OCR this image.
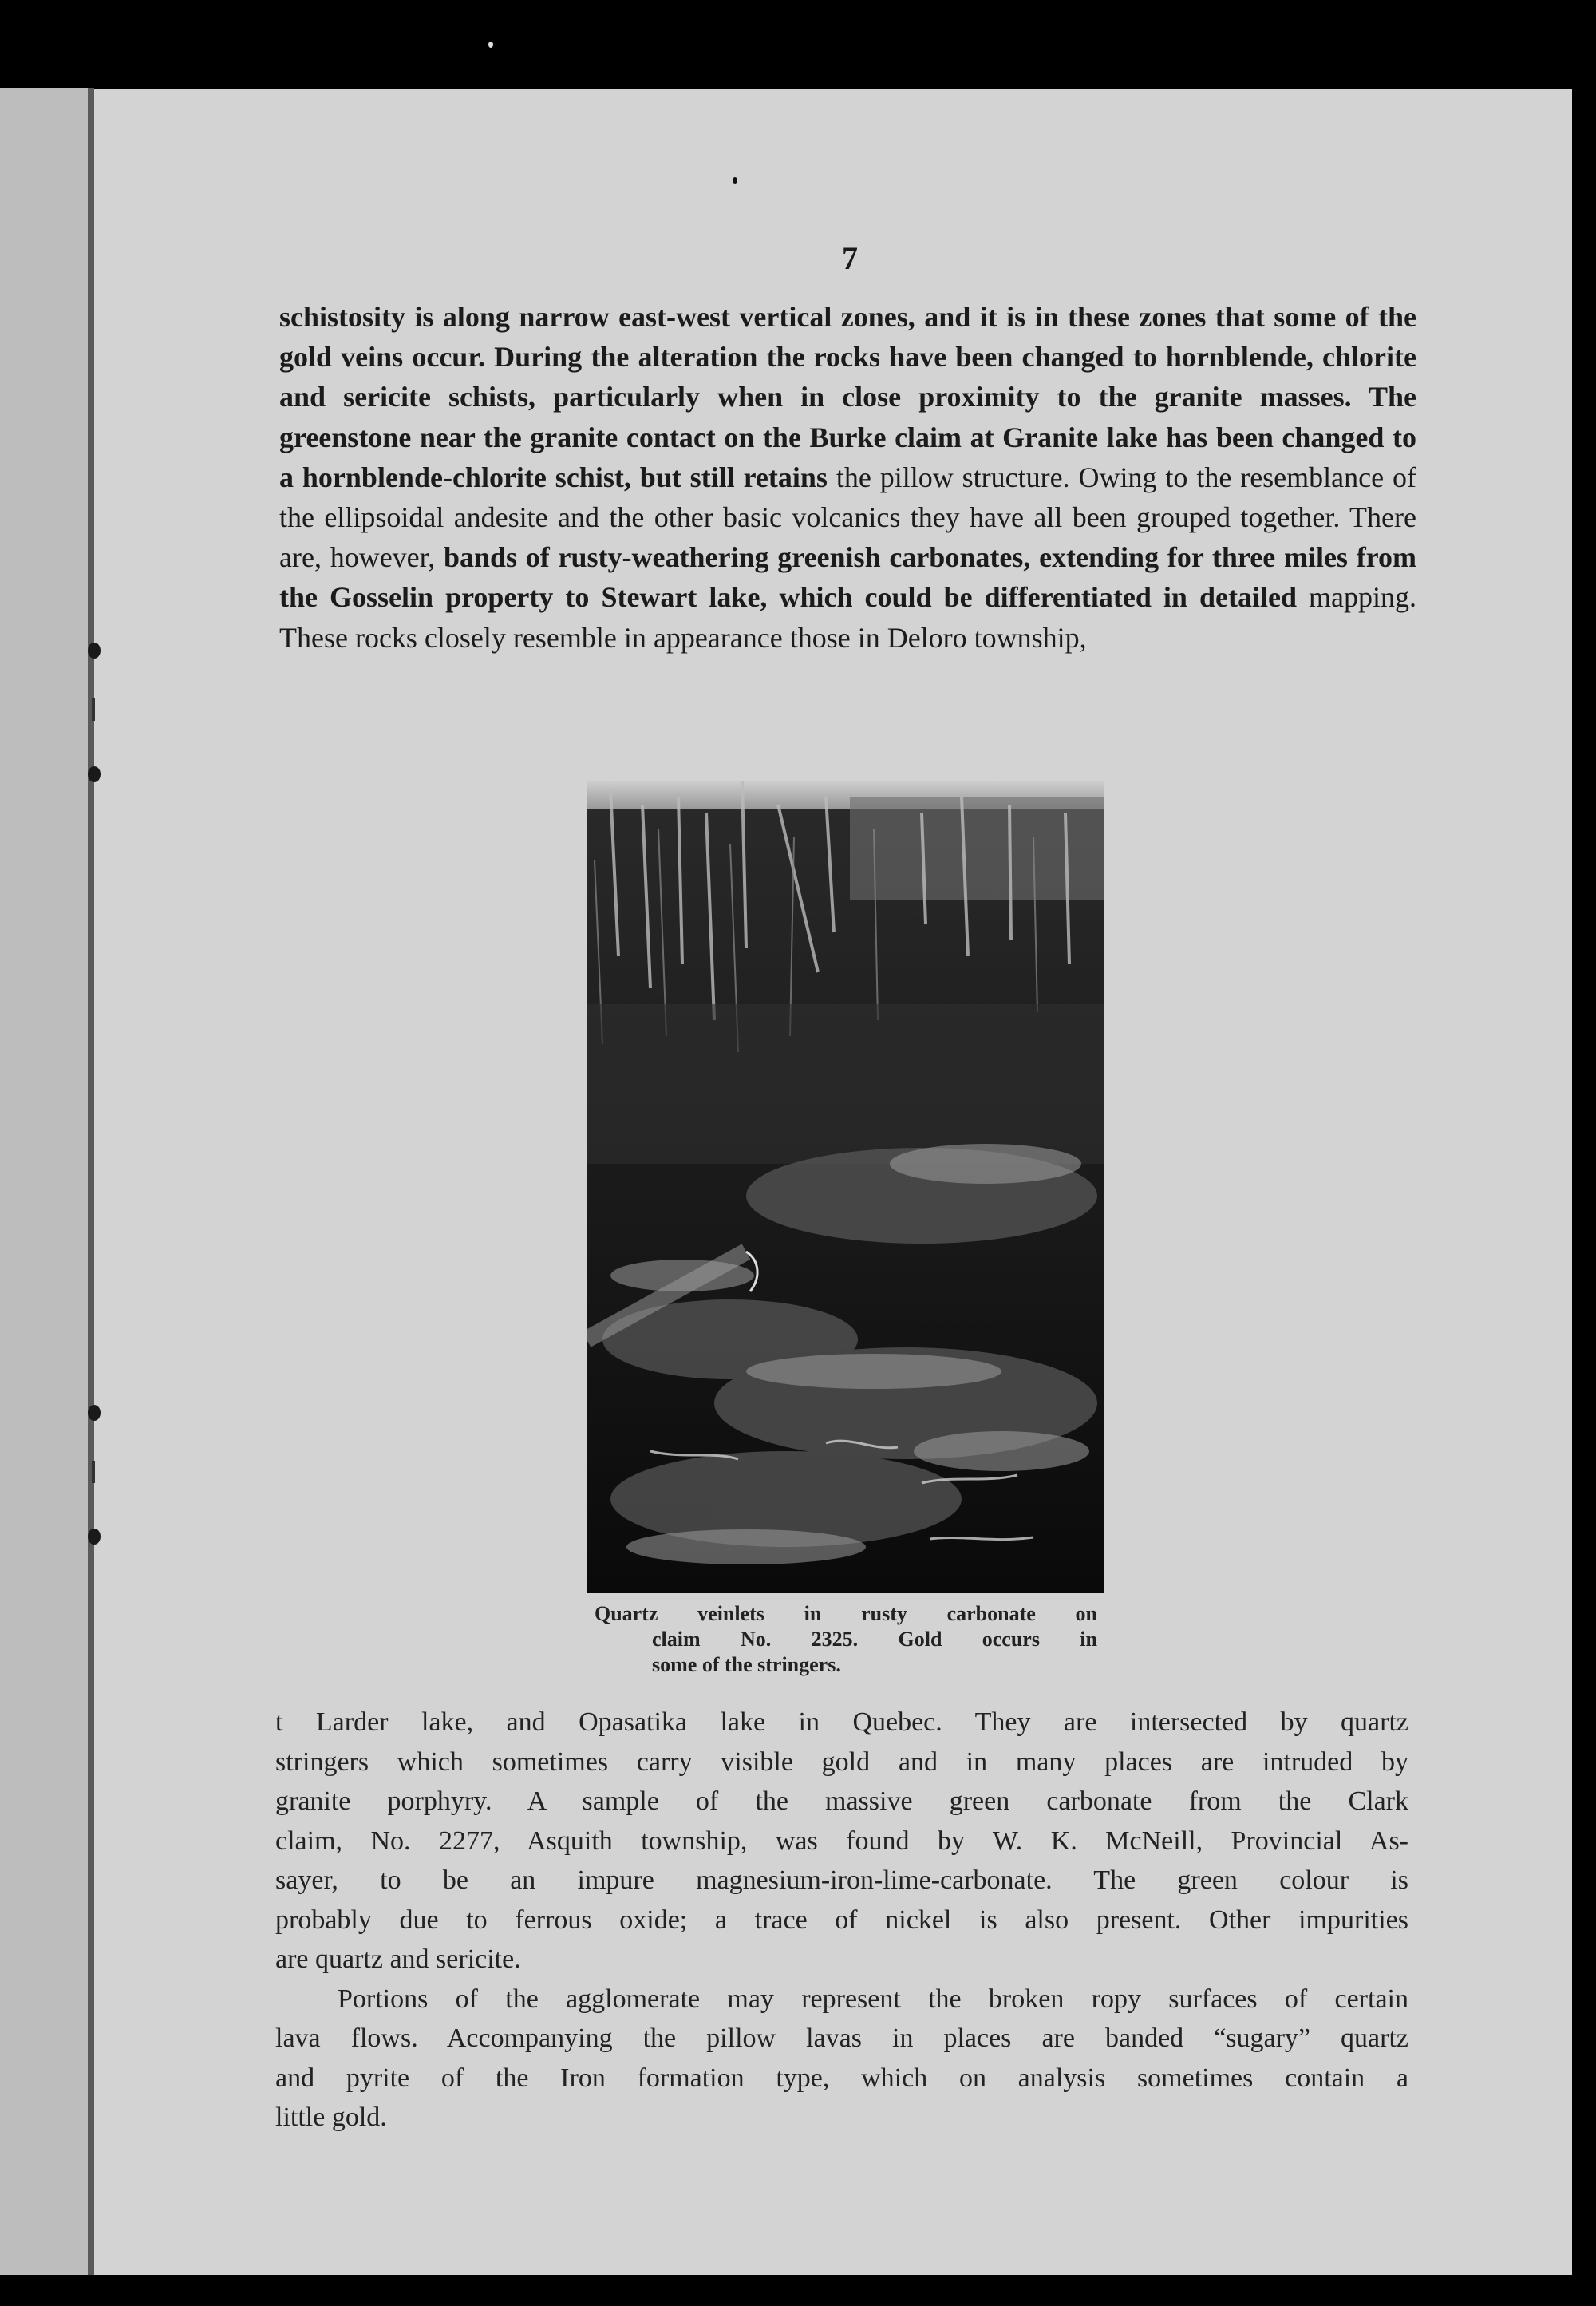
7
schistosity is along narrow east-west vertical zones, and it is in these zones that some of the gold veins occur. During the alteration the rocks have been changed to hornblende, chlorite and sericite schists, particularly when in close proximity to the granite masses. The greenstone near the granite contact on the Burke claim at Granite lake has been changed to a hornblende-chlorite schist, but still retains the pillow structure. Owing to the resemblance of the ellipsoidal andesite and the other basic volcanics they have all been grouped together. There are, however, bands of rusty-weathering greenish carbonates, extending for three miles from the Gosselin property to Stewart lake, which could be differentiated in detailed mapping. These rocks closely resemble in appearance those in Deloro township,
Quartz veinlets in rusty carbonate on
claim No. 2325. Gold occurs in
some of the stringers.
t Larder lake, and Opasatika lake in Quebec. They are intersected by quartz
stringers which sometimes carry visible gold and in many places are intruded by
granite porphyry. A sample of the massive green carbonate from the Clark
claim, No. 2277, Asquith township, was found by W. K. McNeill, Provincial As-
sayer, to be an impure magnesium-iron-lime-carbonate. The green colour is
probably due to ferrous oxide; a trace of nickel is also present. Other impurities
are quartz and sericite.
Portions of the agglomerate may represent the broken ropy surfaces of certain
lava flows. Accompanying the pillow lavas in places are banded “sugary” quartz
and pyrite of the Iron formation type, which on analysis sometimes contain a
little gold.
